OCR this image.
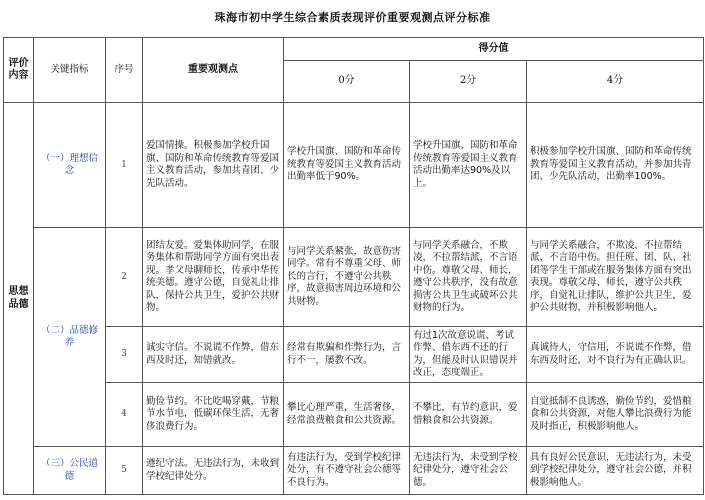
珠海市初中学生综合素质表现评价重要观测点评分标准
评价内容	关键指标	序号	重要观测点	得分值		
				0分	2分	4分
思想品德	（一）理想信念	1	爱国情操。积极参加学校升国旗、国防和革命传统教育等爱国主义教育活动，参加共青团、少先队活动。	学校升国旗、国防和革命传统教育等爱国主义教育活动出勤率低于90%。	学校升国旗、国防和革命传统教育等爱国主义教育活动出勤率达90%及以上。	积极参加学校升国旗、国防和革命传统教育等爱国主义教育活动，并参加共青团、少先队活动，出勤率100%。
	（二）品德修养	2	团结友爱。爱集体助同学，在服务集体和帮助同学方面有突出表现。孝父母聊师长，传承中华传统美德。遵守公德，自觉礼让排队，保持公共卫生，爱护公共财物。	与同学关系紧张，故意伤害同学。常有不尊重父母、师长的言行，不遵守公共秩序，故意损害周边环境和公共财物。	与同学关系融合，不欺凌，不拉帮结派，不言语中伤。尊敬父母、师长，遵守公共秩序，没有故意损害公共卫生或破坏公共财物的行为。	与同学关系融合，不欺凌，不拉帮结派，不言语中伤。担任班、团、队、社团等学生干部或在服务集体方面有突出表现。尊敬父母、师长，遵守公共秩序，自觉礼让排队，维护公共卫生，爱护公共财物，并积极影响他人。
		3	诚实守信。不说谎不作弊，借东西及时还，知错就改。	经常有欺骗和作弊行为，言行不一，屡教不改。	有过1次故意说谎、考试作弊、借东西不还的行为，但能及时认识错误并改正，态度端正。	真诚待人，守信用，不说谎不作弊，借东西及时还，对不良行为有正确认识。
		4	勤俭节约。不比吃喝穿戴，节粮节水节电，低碳环保生活，无奢侈浪费行为。	攀比心理严重，生活奢侈，经常浪费粮食和公共资源。	不攀比，有节约意识，爱惜粮食和公共资源。	自觉抵制不良诱惑，勤俭节约，爱惜粮食和公共资源，对他人攀比浪费行为能及时指正，积极影响他人。
	（三）公民道德	5	遵纪守法。无违法行为，未收到学校纪律处分。	有违法行为，受到学校纪律处分，有不遵守社会公德等不良行为。	无违法行为，未受到学校纪律处分，遵守社会公德。	具有良好公民意识，无违法行为，未受到学校纪律处分，遵守社会公德，并积极影响他人。
